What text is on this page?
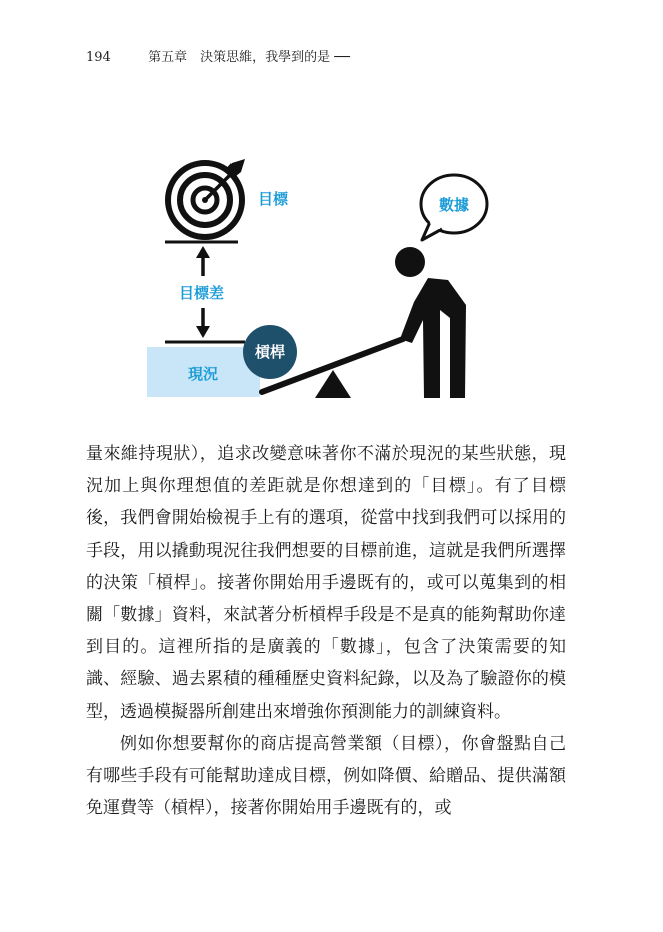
194	第五章　決策思維，我學到的是 ──
目標
目標差
現況
槓桿
數據

量來維持現狀），追求改變意味著你不滿於現況的某些狀態，現況加上與你理想值的差距就是你想達到的「目標」。有了目標後，我們會開始檢視手上有的選項，從當中找到我們可以採用的手段，用以撬動現況往我們想要的目標前進，這就是我們所選擇的決策「槓桿」。接著你開始用手邊既有的，或可以蒐集到的相關「數據」資料，來試著分析槓桿手段是不是真的能夠幫助你達到目的。這裡所指的是廣義的「數據」，包含了決策需要的知識、經驗、過去累積的種種歷史資料紀錄，以及為了驗證你的模型，透過模擬器所創建出來增強你預測能力的訓練資料。

例如你想要幫你的商店提高營業額（目標），你會盤點自己有哪些手段有可能幫助達成目標，例如降價、給贈品、提供滿額免運費等（槓桿），接著你開始用手邊既有的，或
